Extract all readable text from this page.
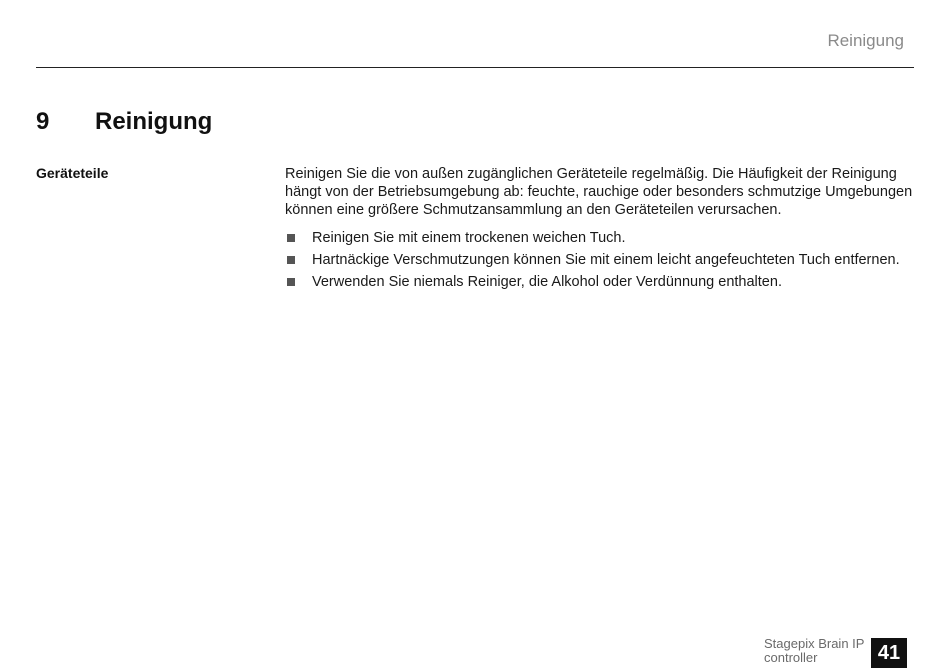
Reinigung
9 Reinigung
Geräteteile	Reinigen Sie die von außen zugänglichen Geräteteile regelmäßig. Die Häufigkeit der Reinigung hängt von der Betriebsumgebung ab: feuchte, rauchige oder besonders schmutzige Umgebungen können eine größere Schmutzansammlung an den Geräteteilen verursachen.

Reinigen Sie mit einem trockenen weichen Tuch.
Hartnäckige Verschmutzungen können Sie mit einem leicht angefeuchteten Tuch entfernen.
Verwenden Sie niemals Reiniger, die Alkohol oder Verdünnung enthalten.
Stagepix Brain IP controller	41
